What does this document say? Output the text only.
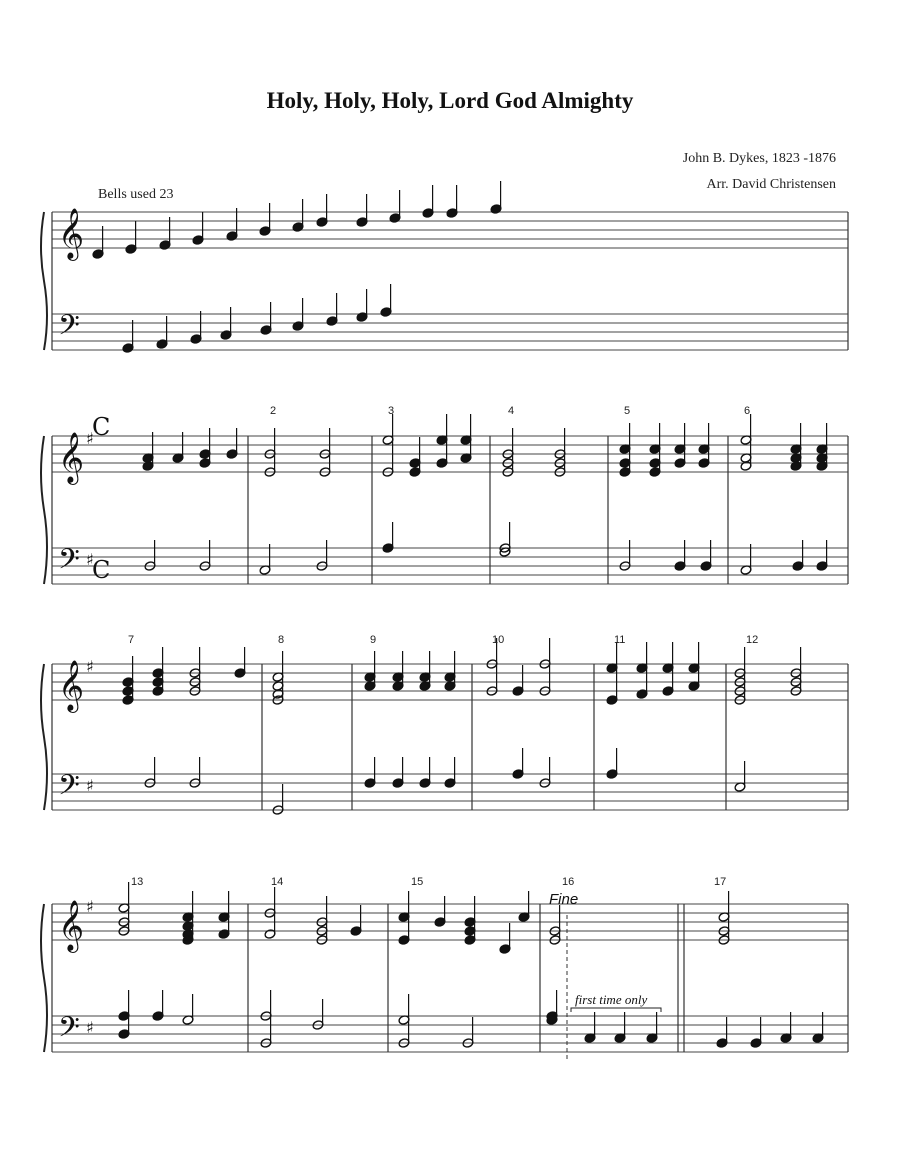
Holy, Holy, Holy, Lord God Almighty
John B. Dykes, 1823 -1876
Arr. David Christensen
Bells used 23
𝄞
𝄢
𝄞
𝄢
𝄞
𝄢
𝄞
𝄢
♯
♯
♯
♯
♯
♯
C
C
2	3	4	5	6
7	8	9	10	11	12
13	14	15	16	17
Fine
first time only
